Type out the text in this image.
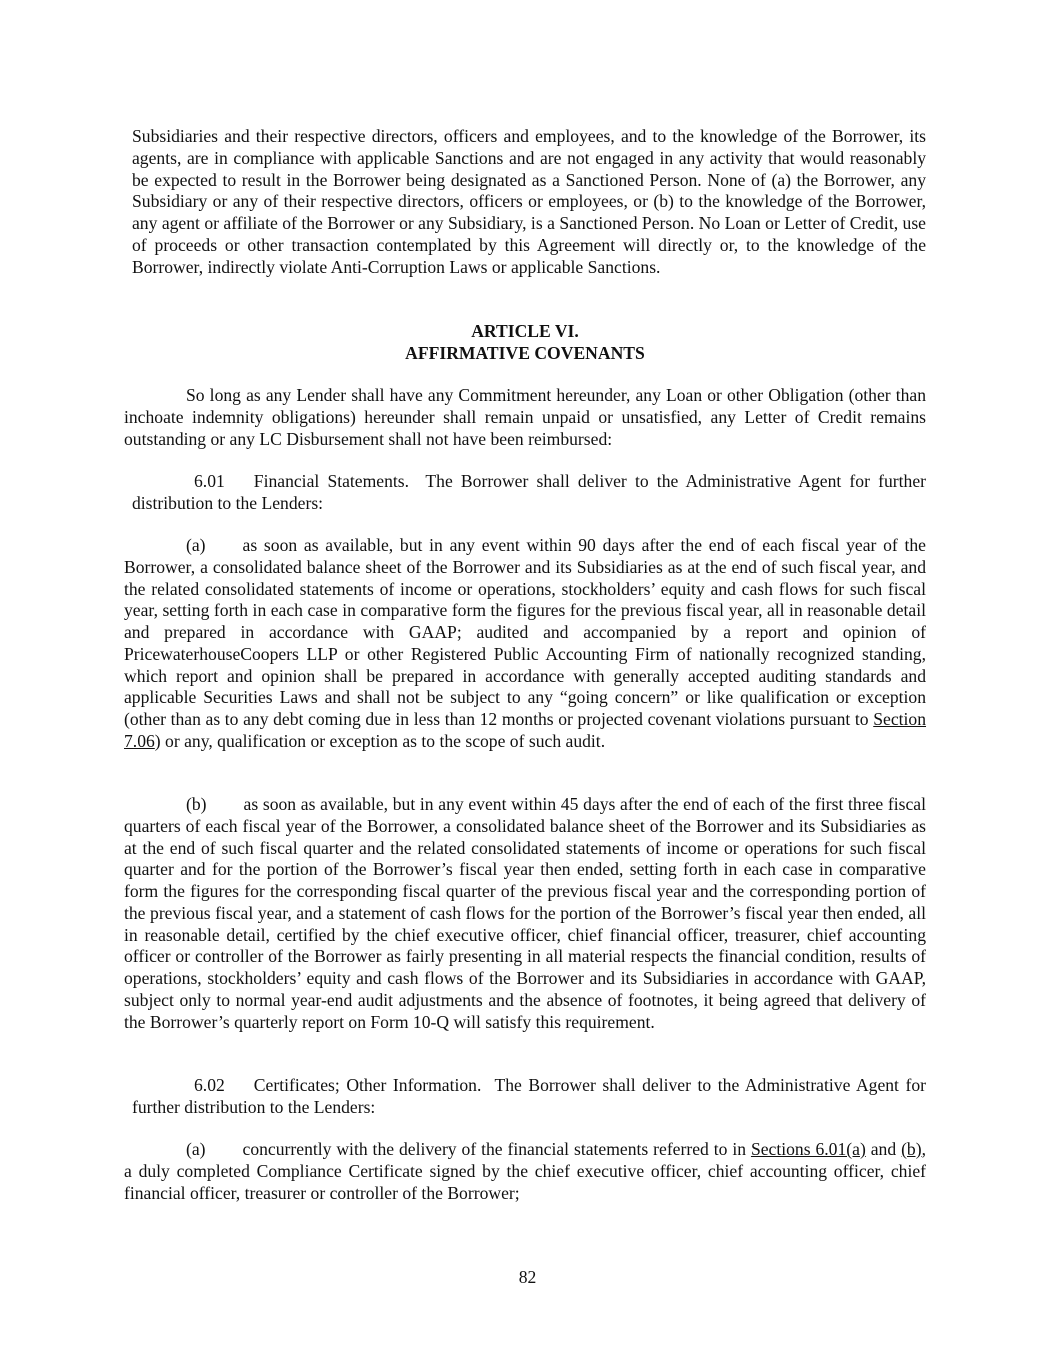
Subsidiaries and their respective directors, officers and employees, and to the knowledge of the Borrower, its agents, are in compliance with applicable Sanctions and are not engaged in any activity that would reasonably be expected to result in the Borrower being designated as a Sanctioned Person. None of (a) the Borrower, any Subsidiary or any of their respective directors, officers or employees, or (b) to the knowledge of the Borrower, any agent or affiliate of the Borrower or any Subsidiary, is a Sanctioned Person. No Loan or Letter of Credit, use of proceeds or other transaction contemplated by this Agreement will directly or, to the knowledge of the Borrower, indirectly violate Anti-Corruption Laws or applicable Sanctions.

ARTICLE VI.

AFFIRMATIVE COVENANTS

So long as any Lender shall have any Commitment hereunder, any Loan or other Obligation (other than inchoate indemnity obligations) hereunder shall remain unpaid or unsatisfied, any Letter of Credit remains outstanding or any LC Disbursement shall not have been reimbursed:

6.01 Financial Statements. The Borrower shall deliver to the Administrative Agent for further distribution to the Lenders:

(a) as soon as available, but in any event within 90 days after the end of each fiscal year of the Borrower, a consolidated balance sheet of the Borrower and its Subsidiaries as at the end of such fiscal year, and the related consolidated statements of income or operations, stockholders’ equity and cash flows for such fiscal year, setting forth in each case in comparative form the figures for the previous fiscal year, all in reasonable detail and prepared in accordance with GAAP; audited and accompanied by a report and opinion of PricewaterhouseCoopers LLP or other Registered Public Accounting Firm of nationally recognized standing, which report and opinion shall be prepared in accordance with generally accepted auditing standards and applicable Securities Laws and shall not be subject to any “going concern” or like qualification or exception (other than as to any debt coming due in less than 12 months or projected covenant violations pursuant to Section 7.06) or any, qualification or exception as to the scope of such audit.

(b) as soon as available, but in any event within 45 days after the end of each of the first three fiscal quarters of each fiscal year of the Borrower, a consolidated balance sheet of the Borrower and its Subsidiaries as at the end of such fiscal quarter and the related consolidated statements of income or operations for such fiscal quarter and for the portion of the Borrower’s fiscal year then ended, setting forth in each case in comparative form the figures for the corresponding fiscal quarter of the previous fiscal year and the corresponding portion of the previous fiscal year, and a statement of cash flows for the portion of the Borrower’s fiscal year then ended, all in reasonable detail, certified by the chief executive officer, chief financial officer, treasurer, chief accounting officer or controller of the Borrower as fairly presenting in all material respects the financial condition, results of operations, stockholders’ equity and cash flows of the Borrower and its Subsidiaries in accordance with GAAP, subject only to normal year-end audit adjustments and the absence of footnotes, it being agreed that delivery of the Borrower’s quarterly report on Form 10-Q will satisfy this requirement.

6.02 Certificates; Other Information. The Borrower shall deliver to the Administrative Agent for further distribution to the Lenders:

(a) concurrently with the delivery of the financial statements referred to in Sections 6.01(a) and (b), a duly completed Compliance Certificate signed by the chief executive officer, chief accounting officer, chief financial officer, treasurer or controller of the Borrower;

82
